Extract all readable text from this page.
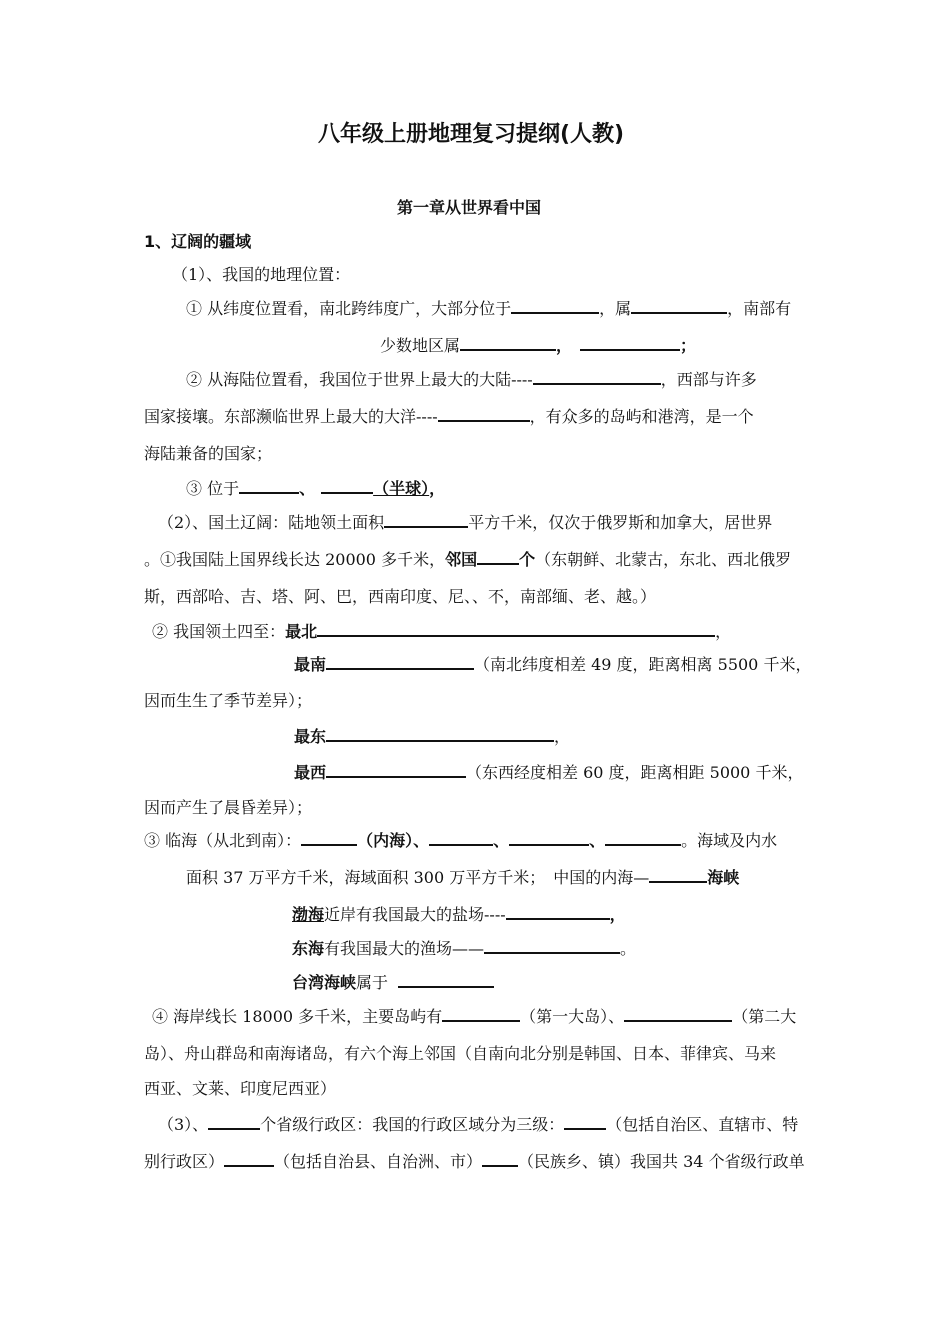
八年级上册地理复习提纲(人教)
第一章从世界看中国
1、辽阔的疆域
（1）、我国的地理位置：
① 从纬度位置看，南北跨纬度广，大部分位于	，属	，南部有
少数地区属	，	；
② 从海陆位置看，我国位于世界上最大的大陆----	，西部与许多
国家接壤。东部濒临世界上最大的大洋----	，有众多的岛屿和港湾，是一个
海陆兼备的国家；
③ 位于	、	（半球），
（2）、国土辽阔：陆地领土面积	平方千米，仅次于俄罗斯和加拿大，居世界
。①我国陆上国界线长达 20000 多千米，邻国	个（东朝鲜、北蒙古，东北、西北俄罗
斯，西部哈、吉、塔、阿、巴，西南印度、尼、、不，南部缅、老、越。）
② 我国领土四至：最北	，
最南	（南北纬度相差 49 度，距离相离 5500 千米，
因而生生了季节差异）；
最东	，
最西	（东西经度相差 60 度，距离相距 5000 千米，
因而产生了晨昏差异）；
③ 临海（从北到南）：	（内海）、	、	、	。海域及内水
面积 37 万平方千米，海域面积 300 万平方千米；　中国的内海—	海峡
渤海近岸有我国最大的盐场----	，
东海有我国最大的渔场——	。
台湾海峡属于
④ 海岸线长 18000 多千米，主要岛屿有	（第一大岛）、	（第二大
岛）、舟山群岛和南海诸岛，有六个海上邻国（自南向北分别是韩国、日本、菲律宾、马来
西亚、文莱、印度尼西亚）
（3）、	个省级行政区：我国的行政区域分为三级：	（包括自治区、直辖市、特
别行政区）	（包括自治县、自治洲、市） （民族乡、镇）我国共 34 个省级行政单
